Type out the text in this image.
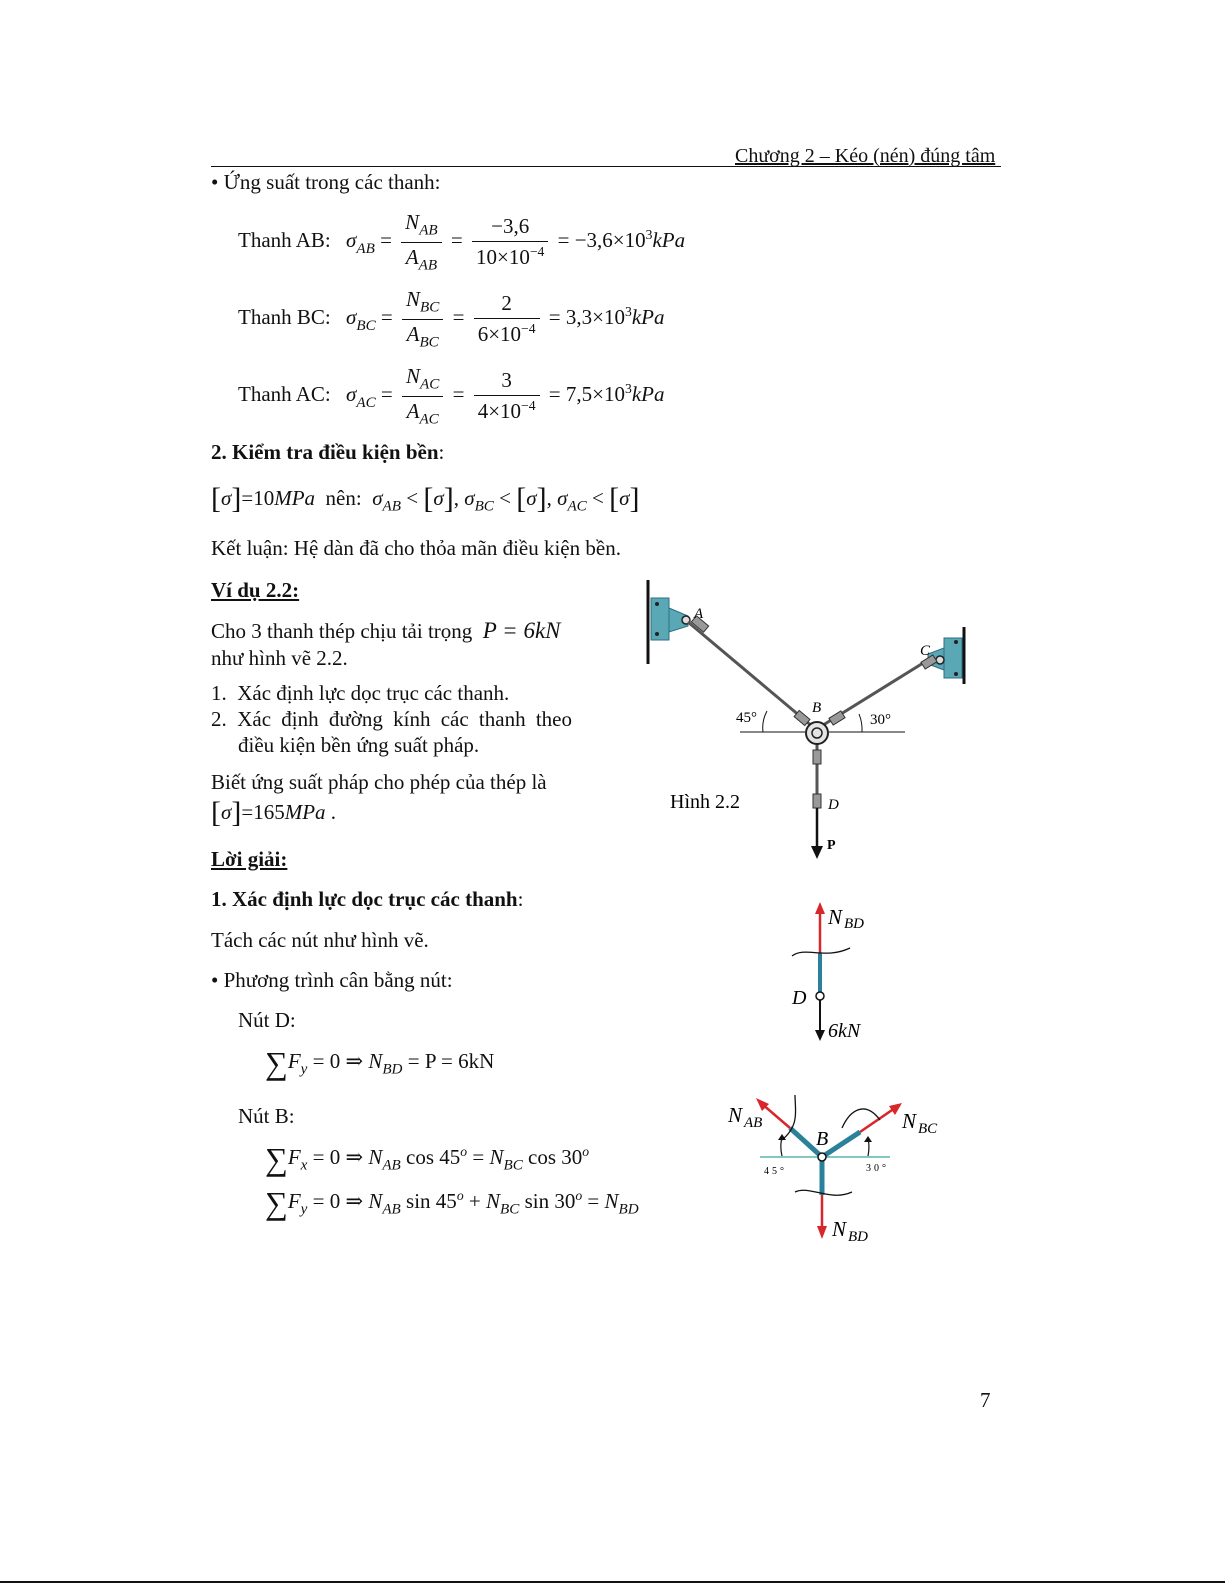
Chương 2 – Kéo (nén) đúng tâm
• Ứng suất trong các thanh:
Thanh AB: $\sigma_{AB} = \frac{N_{AB}}{A_{AB}} = \frac{-3,6}{10\times 10^{-4}} = -3,6\times 10^3kPa$
Thanh BC: $\sigma_{BC} = \frac{N_{BC}}{A_{BC}} = \frac{2}{6\times 10^{-4}} = 3,3\times 10^3kPa$
Thanh AC: $\sigma_{AC} = \frac{N_{AC}}{A_{AC}} = \frac{3}{4\times 10^{-4}} = 7,5\times 10^3kPa$
2. Kiểm tra điều kiện bền:
[σ]=10MPa nên: $\sigma_{AB} < [\sigma]$, $\sigma_{BC} < [\sigma]$, $\sigma_{AC} < [\sigma]$
Kết luận: Hệ dàn đã cho thỏa mãn điều kiện bền.
Ví dụ 2.2:
Cho 3 thanh thép chịu tải trọng P = 6kN
như hình vẽ 2.2.
1. Xác định lực dọc trục các thanh.
2. Xác định đường kính các thanh theo
điều kiện bền ứng suất pháp.
Biết ứng suất pháp cho phép của thép là
[σ]=165MPa .
A
C
B
D
P
45°	30°
Hình 2.2
Lời giải:
1. Xác định lực dọc trục các thanh:
Tách các nút như hình vẽ.
• Phương trình cân bằng nút:
Nút D:
$\sum F_y = 0$ ⇒ $N_{BD} = P = 6kN$
Nút B:
$\sum F_x = 0$ ⇒ $N_{AB}$ $\cos 45^o = N_{BC}$ cos 30$^o$
$\sum F_y = 0$ ⇒ $N_{AB}$ $\sin 45^o + N_{BC}$ $\sin 30^o = N_{BD}$
N BD
D
6kN
N AB	N BC
N BD
B
45°	30°
7
